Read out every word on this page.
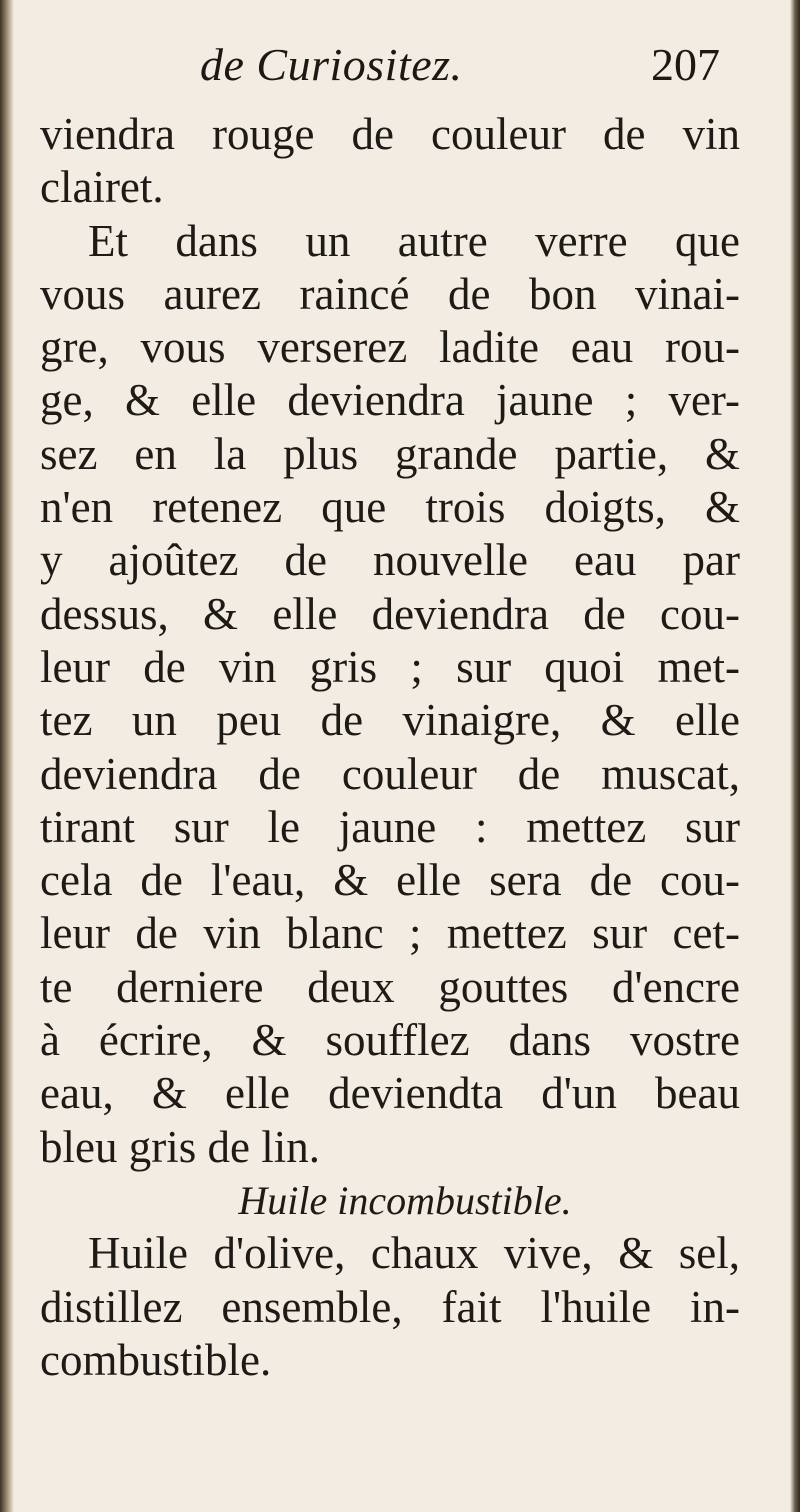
de Curiositez.	207
viendra rouge de couleur de vin
clairet.
Et dans un autre verre que
vous aurez raincé de bon vinai-
gre, vous verserez ladite eau rou-
ge, & elle deviendra jaune ; ver-
sez en la plus grande partie, &
n'en retenez que trois doigts, &
y ajoûtez de nouvelle eau par
dessus, & elle deviendra de cou-
leur de vin gris ; sur quoi met-
tez un peu de vinaigre, & elle
deviendra de couleur de muscat,
tirant sur le jaune : mettez sur
cela de l'eau, & elle sera de cou-
leur de vin blanc ; mettez sur cet-
te derniere deux gouttes d'encre
à écrire, & soufflez dans vostre
eau, & elle deviendta d'un beau
bleu gris de lin.
Huile incombustible.
Huile d'olive, chaux vive, & sel,
distillez ensemble, fait l'huile in-
combustible.
